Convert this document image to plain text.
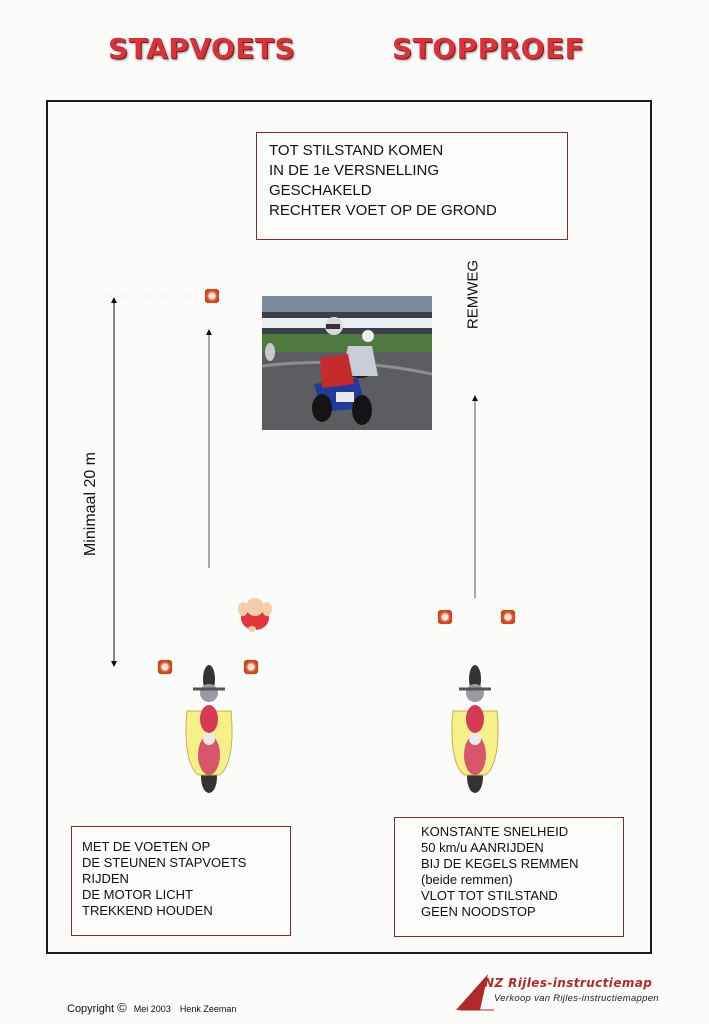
STAPVOETS	STOPPROEF
TOT STILSTAND KOMEN
IN DE 1e VERSNELLING
GESCHAKELD
RECHTER VOET OP DE GROND
Minimaal 20 m
REMWEG
MET DE VOETEN OP
DE STEUNEN STAPVOETS
RIJDEN
DE MOTOR LICHT
TREKKEND HOUDEN
KONSTANTE SNELHEID
50 km/u AANRIJDEN
BIJ DE KEGELS REMMEN
(beide remmen)
VLOT TOT STILSTAND
GEEN NOODSTOP
Copyright © Mei 2003 Henk Zeeman
NZ Rijles-instructiemap
Verkoop van Rijles-instructiemappen
